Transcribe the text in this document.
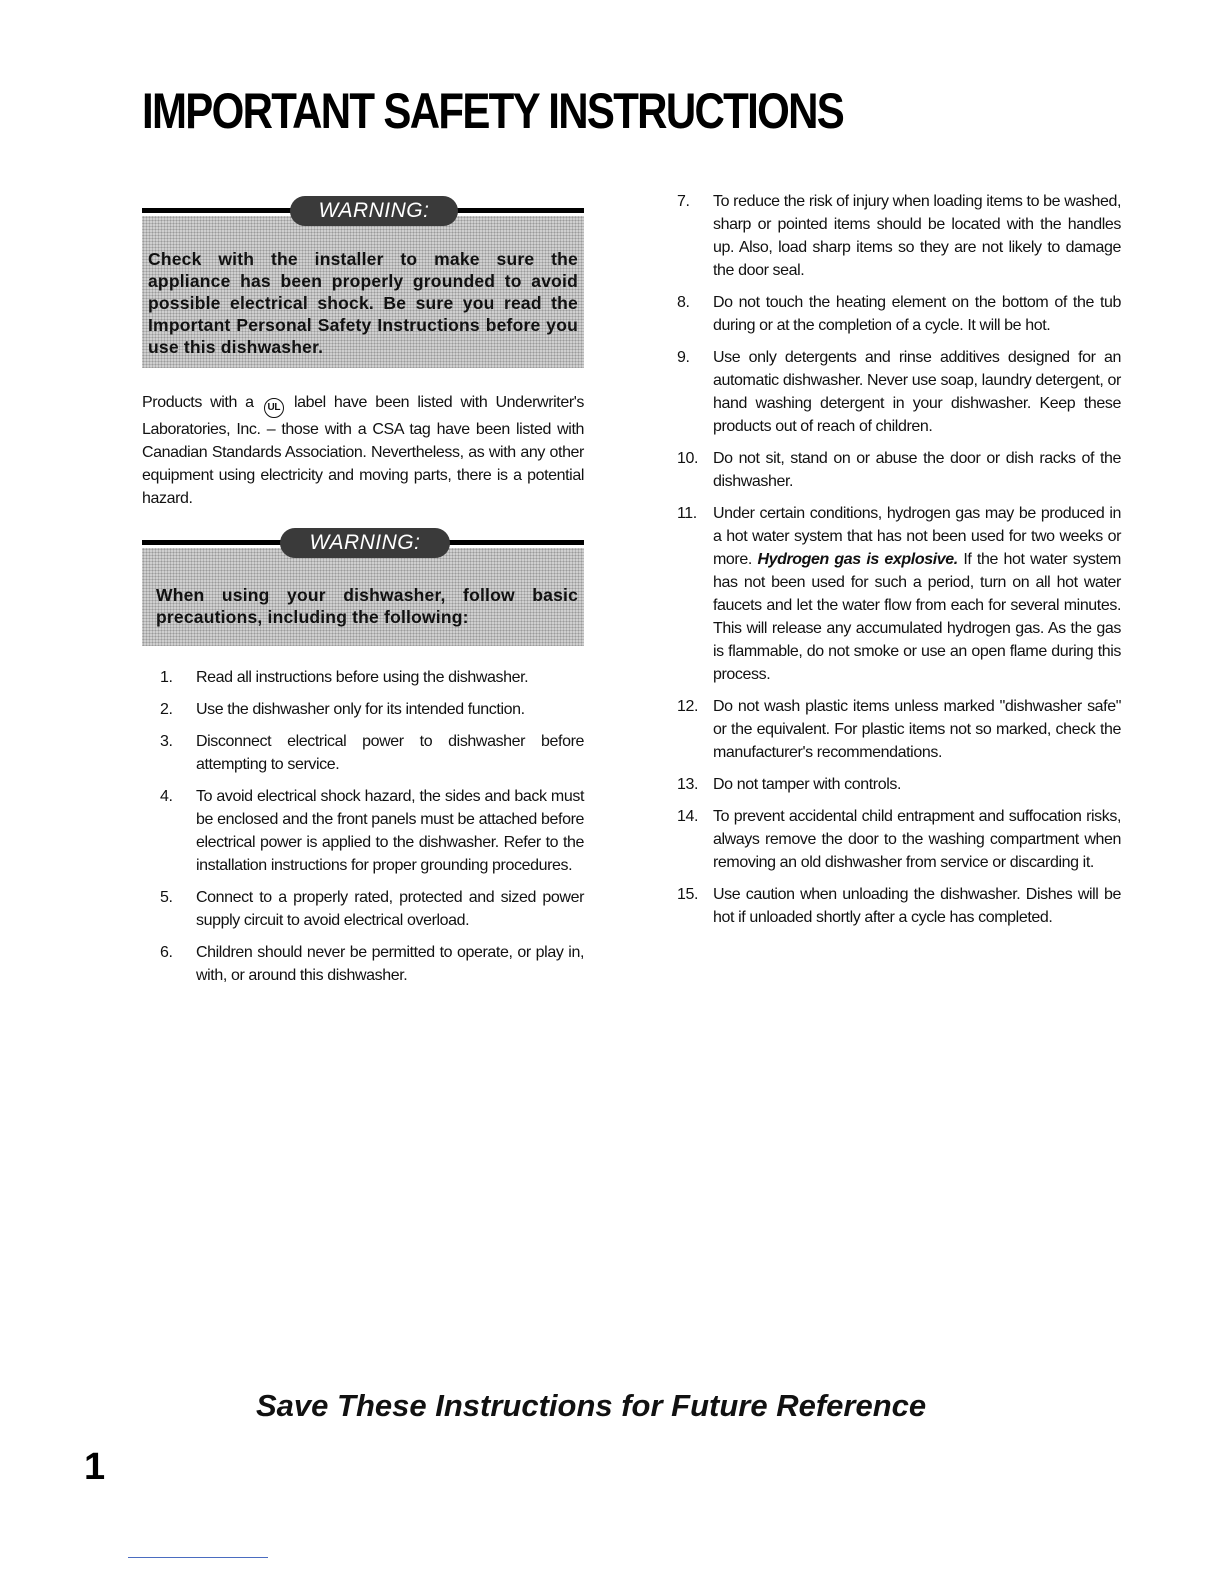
IMPORTANT SAFETY INSTRUCTIONS
WARNING:
Check with the installer to make sure the appliance has been properly grounded to avoid possible electrical shock. Be sure you read the Important Personal Safety Instructions before you use this dishwasher.
Products with a UL label have been listed with Underwriter's Laboratories, Inc. – those with a CSA tag have been listed with Canadian Standards Association. Nevertheless, as with any other equipment using electricity and moving parts, there is a potential hazard.
WARNING:
When using your dishwasher, follow basic precautions, including the following:
1. Read all instructions before using the dishwasher.
2. Use the dishwasher only for its intended function.
3. Disconnect electrical power to dishwasher before attempting to service.
4. To avoid electrical shock hazard, the sides and back must be enclosed and the front panels must be attached before electrical power is applied to the dishwasher. Refer to the installation instructions for proper grounding procedures.
5. Connect to a properly rated, protected and sized power supply circuit to avoid electrical overload.
6. Children should never be permitted to operate, or play in, with, or around this dishwasher.
7. To reduce the risk of injury when loading items to be washed, sharp or pointed items should be located with the handles up. Also, load sharp items so they are not likely to damage the door seal.
8. Do not touch the heating element on the bottom of the tub during or at the completion of a cycle. It will be hot.
9. Use only detergents and rinse additives designed for an automatic dishwasher. Never use soap, laundry detergent, or hand washing detergent in your dishwasher. Keep these products out of reach of children.
10. Do not sit, stand on or abuse the door or dish racks of the dishwasher.
11. Under certain conditions, hydrogen gas may be produced in a hot water system that has not been used for two weeks or more. Hydrogen gas is explosive. If the hot water system has not been used for such a period, turn on all hot water faucets and let the water flow from each for several minutes. This will release any accumulated hydrogen gas. As the gas is flammable, do not smoke or use an open flame during this process.
12. Do not wash plastic items unless marked "dishwasher safe" or the equivalent. For plastic items not so marked, check the manufacturer's recommendations.
13. Do not tamper with controls.
14. To prevent accidental child entrapment and suffocation risks, always remove the door to the washing compartment when removing an old dishwasher from service or discarding it.
15. Use caution when unloading the dishwasher. Dishes will be hot if unloaded shortly after a cycle has completed.
Save These Instructions for Future Reference
1
